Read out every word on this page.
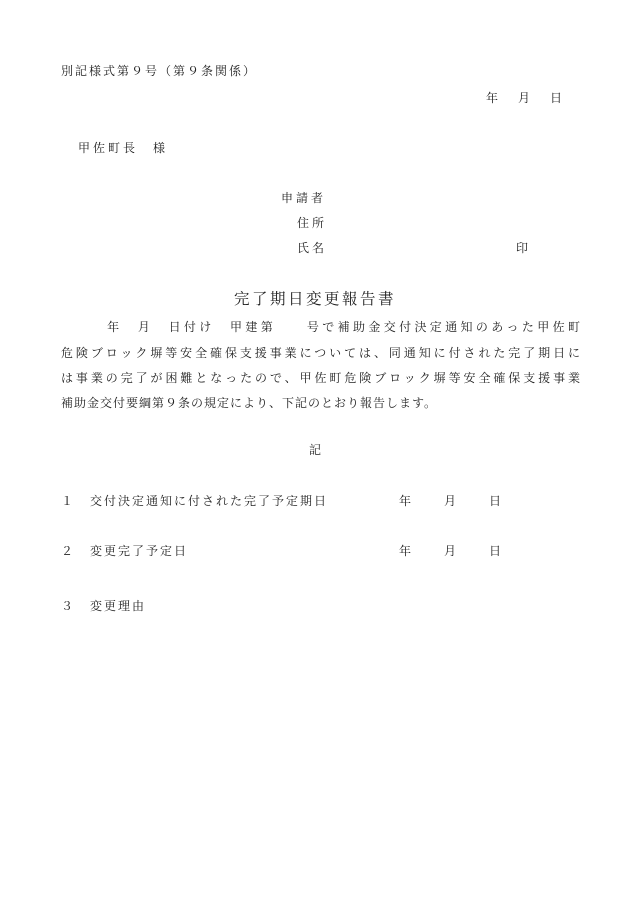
別記様式第９号（第９条関係）
年　月　日
甲佐町長　様
申請者
住所
氏名	印
完了期日変更報告書
　　　年　月　日付け　甲建第　　号で補助金交付決定通知のあった甲佐町
危険ブロック塀等安全確保支援事業については、同通知に付された完了期日に
は事業の完了が困難となったので、甲佐町危険ブロック塀等安全確保支援事業
補助金交付要綱第９条の規定により、下記のとおり報告します。
記
１ 交付決定通知に付された完了予定期日	年	月	日
２ 変更完了予定日	年	月	日
３ 変更理由
